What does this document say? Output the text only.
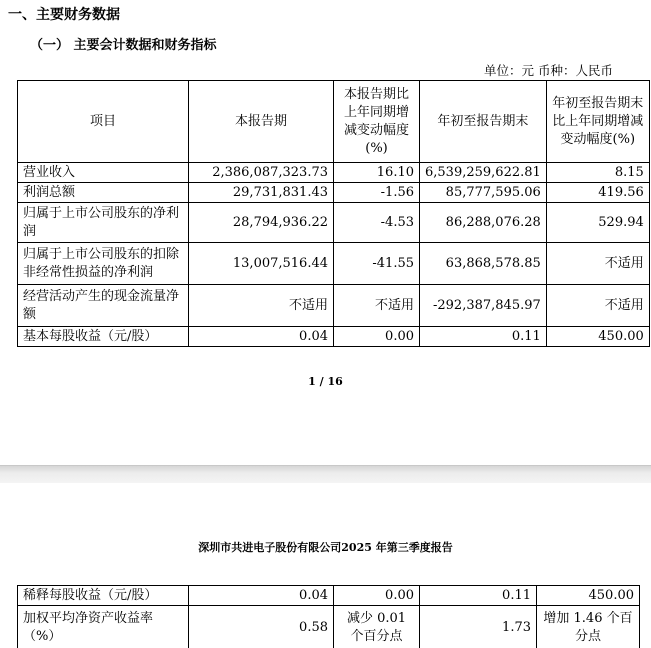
一、主要财务数据
（一） 主要会计数据和财务指标
单位：元 币种：人民币
项目	本报告期	本报告期比上年同期增减变动幅度(%)	年初至报告期末	年初至报告期末比上年同期增减变动幅度(%)
营业收入	2,386,087,323.73	16.10	6,539,259,622.81	8.15
利润总额	29,731,831.43	-1.56	85,777,595.06	419.56
归属于上市公司股东的净利润	28,794,936.22	-4.53	86,288,076.28	529.94
归属于上市公司股东的扣除非经常性损益的净利润	13,007,516.44	-41.55	63,868,578.85	不适用
经营活动产生的现金流量净额	不适用	不适用	-292,387,845.97	不适用
基本每股收益（元/股）	0.04	0.00	0.11	450.00
1 / 16
深圳市共进电子股份有限公司2025 年第三季度报告
稀释每股收益（元/股）	0.04	0.00	0.11	450.00
加权平均净资产收益率（%）	0.58	减少 0.01 个百分点	1.73	增加 1.46 个百分点
